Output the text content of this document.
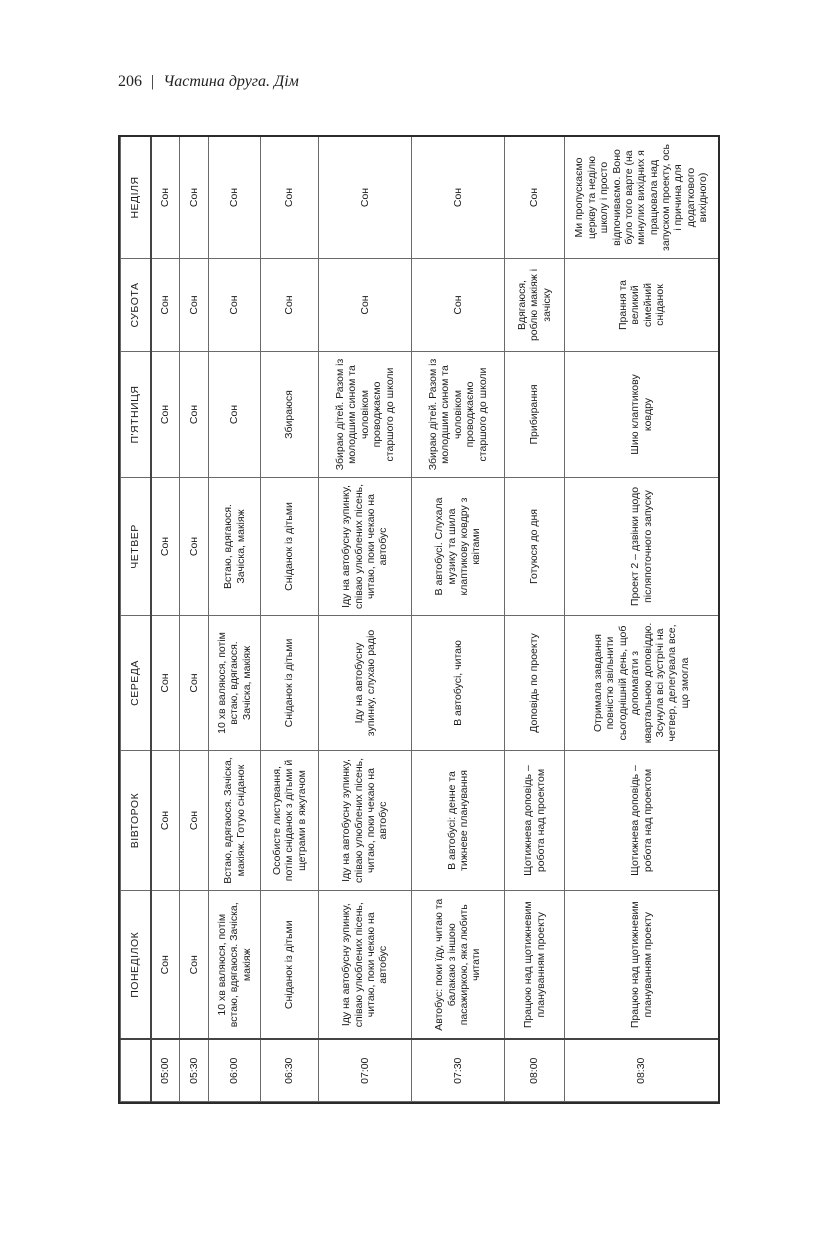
206 | Частина друга. Дім
	ПОНЕДІЛОК	ВІВТОРОК	СЕРЕДА	ЧЕТВЕР	П'ЯТНИЦЯ	СУБОТА	НЕДІЛЯ
05:00	Сон	Сон	Сон	Сон	Сон	Сон	Сон
05:30	Сон	Сон	Сон	Сон	Сон	Сон	Сон
06:00	10 хв валяюся, потім встаю, вдягаюся. Зачіска, макіяж	Встаю, вдягаюся. Зачіска, макіяж. Готую сніданок	10 хв валяюся, потім встаю, вдягаюся. Зачіска, макіяж	Встаю, вдягаюся. Зачіска, макіяж	Сон	Сон	Сон
06:30	Сніданок із дітьми	Особисте листування, потім сніданок з дітьми й щетрами в яжугачом	Сніданок із дітьми	Сніданок із дітьми	Збираюся	Сон	Сон
07:00	Іду на автобусну зупинку, співаю улюблених пісень, читаю, поки чекаю на автобус	Іду на автобусну зупинку, співаю улюблених пісень, читаю, поки чекаю на автобус	Іду на автобусну зупинку, слухаю радіо	Іду на автобусну зупинку, співаю улюблених пісень, читаю, поки чекаю на автобус	Збираю дітей. Разом із молодшим сином та чоловіком проводжаємо старшого до школи	Сон	Сон
07:30	Автобус: поки їду, читаю та балакаю з іншою пасажиркою, яка любить читати	В автобусі: денне та тижневе планування	В автобусі, читаю	В автобусі. Слухала музику та шила клаптикову ковдру з квітами	Збираю дітей. Разом із молодшим сином та чоловіком проводжаємо старшого до школи	Сон	Сон
08:00	Працюю над щотижневим плануванням проекту	Щотижнева доповідь – робота над проектом	Доповідь по проекту	Готуюся до дня	Прибирання	Вдягаюся, роблю макіяж і зачіску	Сон
08:30	Працюю над щотижневим плануванням проекту	Щотижнева доповідь – робота над проектом	Отримала завдання повністю звільнити сьогоднішній день, щоб допомагати з квартальною доповіддю. Зсунула всі зустрічі на четвер, делегувала все, що змогла	Проект 2 – дзвінки щодо післяпоточного запуску	Шию клаптикову ковдру	Прання та великий сімейний сніданок	Ми пропускаємо церкву та неділю школу і просто відпочиваємо. Воно було того варте (на минулих вихідних я працювала над запуском проекту, ось і причина для додаткового вихідного)
